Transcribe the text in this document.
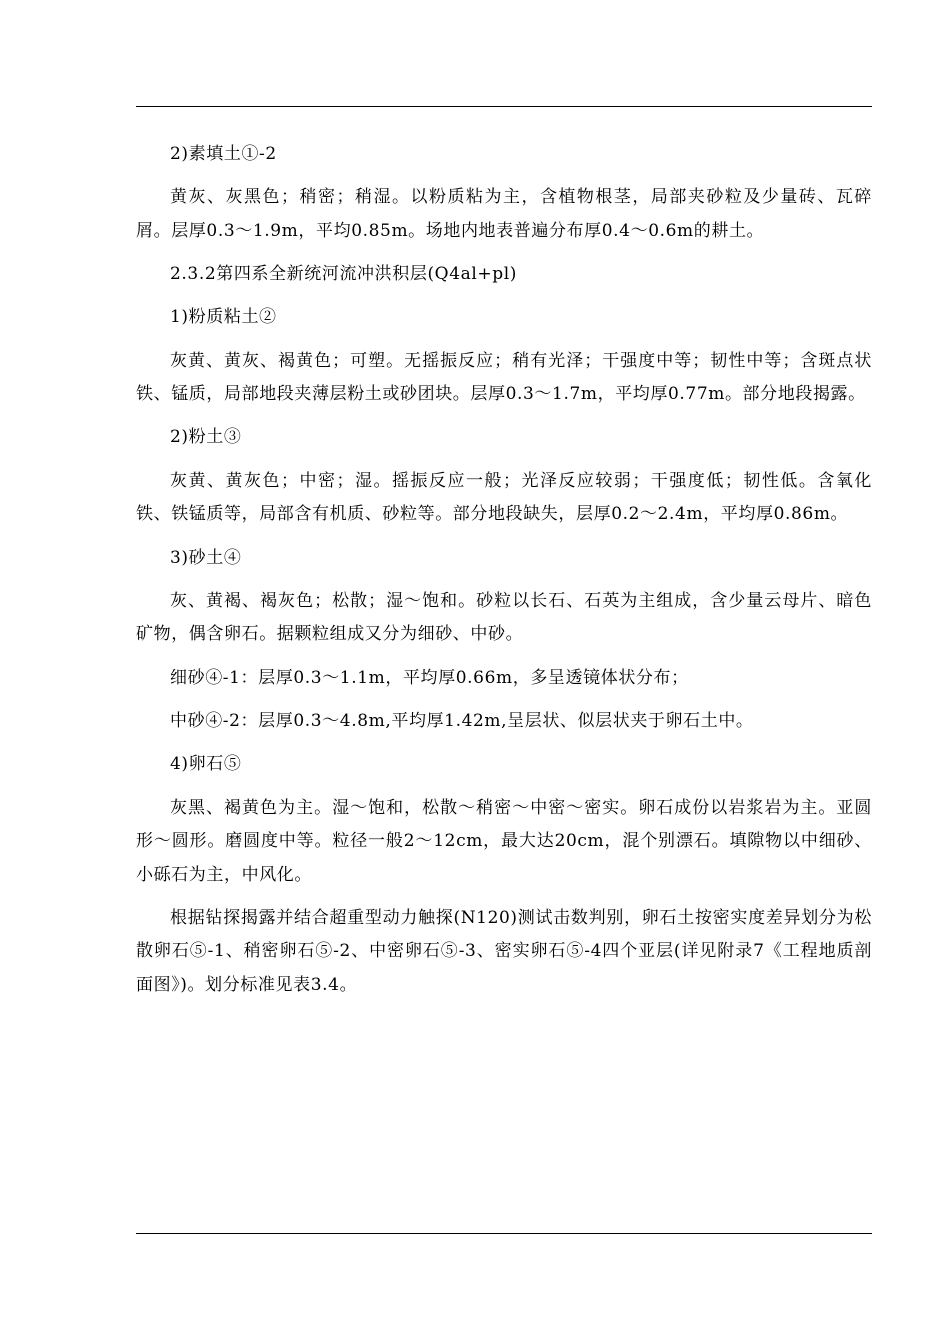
2)素填土①-2

黄灰、灰黑色；稍密；稍湿。以粉质粘为主，含植物根茎，局部夹砂粒及少量砖、瓦碎屑。层厚0.3～1.9m，平均0.85m。场地内地表普遍分布厚0.4～0.6m的耕土。

2.3.2第四系全新统河流冲洪积层(Q4al+pl)

1)粉质粘土②

灰黄、黄灰、褐黄色；可塑。无摇振反应；稍有光泽；干强度中等；韧性中等；含斑点状铁、锰质，局部地段夹薄层粉土或砂团块。层厚0.3～1.7m，平均厚0.77m。部分地段揭露。

2)粉土③

灰黄、黄灰色；中密；湿。摇振反应一般；光泽反应较弱；干强度低；韧性低。含氧化铁、铁锰质等，局部含有机质、砂粒等。部分地段缺失，层厚0.2～2.4m，平均厚0.86m。

3)砂土④

灰、黄褐、褐灰色；松散；湿～饱和。砂粒以长石、石英为主组成，含少量云母片、暗色矿物，偶含卵石。据颗粒组成又分为细砂、中砂。

细砂④-1：层厚0.3～1.1m，平均厚0.66m，多呈透镜体状分布；

中砂④-2：层厚0.3～4.8m,平均厚1.42m,呈层状、似层状夹于卵石土中。

4)卵石⑤

灰黑、褐黄色为主。湿～饱和，松散～稍密～中密～密实。卵石成份以岩浆岩为主。亚圆形～圆形。磨圆度中等。粒径一般2～12cm，最大达20cm，混个别漂石。填隙物以中细砂、小砾石为主，中风化。

根据钻探揭露并结合超重型动力触探(N120)测试击数判别，卵石土按密实度差异划分为松散卵石⑤-1、稍密卵石⑤-2、中密卵石⑤-3、密实卵石⑤-4四个亚层(详见附录7《工程地质剖面图》)。划分标准见表3.4。
